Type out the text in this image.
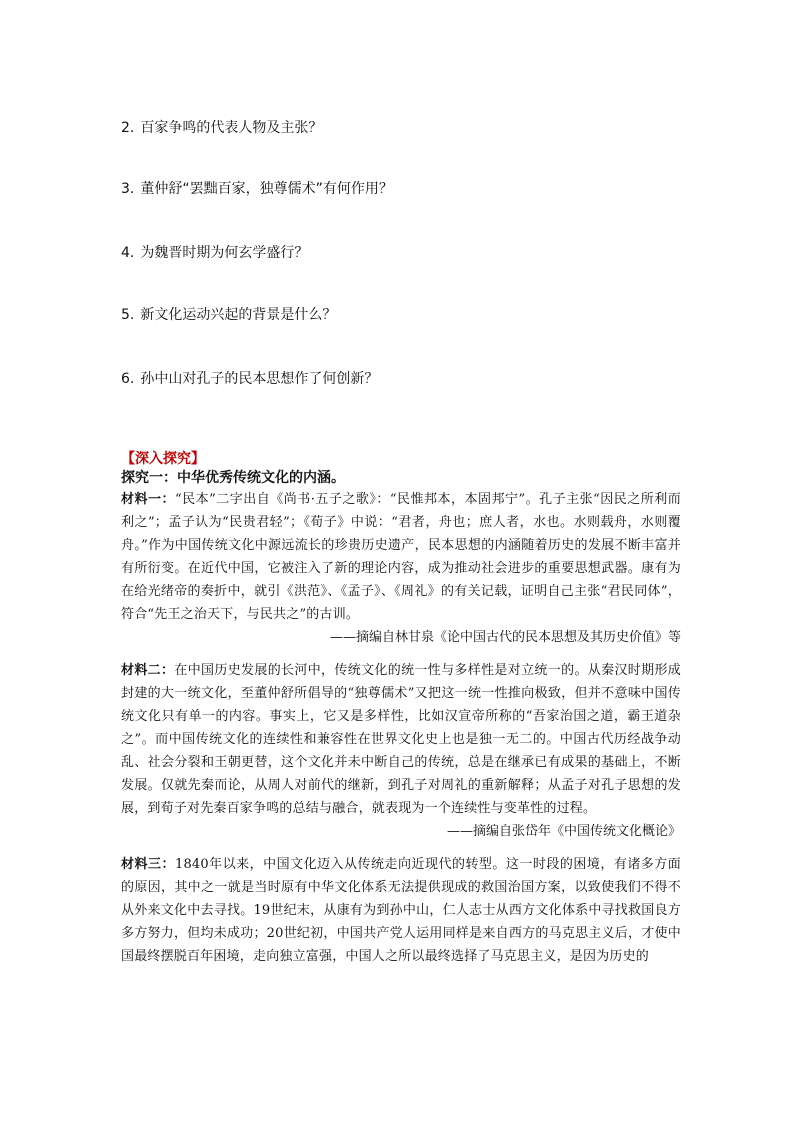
2. 百家争鸣的代表人物及主张？
3. 董仲舒“罢黜百家，独尊儒术”有何作用？
4. 为魏晋时期为何玄学盛行？
5. 新文化运动兴起的背景是什么？
6. 孙中山对孔子的民本思想作了何创新？
【深入探究】
探究一：中华优秀传统文化的内涵。
材料一：“民本”二字出自《尚书·五子之歌》：“民惟邦本，本固邦宁”。孔子主张“因民之所利而利之”；孟子认为“民贵君轻”；《荀子》中说：“君者，舟也；庶人者，水也。水则载舟，水则覆舟。”作为中国传统文化中源远流长的珍贵历史遗产，民本思想的内涵随着历史的发展不断丰富并有所衍变。在近代中国，它被注入了新的理论内容，成为推动社会进步的重要思想武器。康有为在给光绪帝的奏折中，就引《洪范》、《孟子》、《周礼》的有关记载，证明自己主张“君民同体”，符合“先王之治天下，与民共之”的古训。
——摘编自林甘泉《论中国古代的民本思想及其历史价值》等
材料二：在中国历史发展的长河中，传统文化的统一性与多样性是对立统一的。从秦汉时期形成封建的大一统文化，至董仲舒所倡导的“独尊儒术”又把这一统一性推向极致，但并不意味中国传统文化只有单一的内容。事实上，它又是多样性，比如汉宣帝所称的“吾家治国之道，霸王道杂之”。而中国传统文化的连续性和兼容性在世界文化史上也是独一无二的。中国古代历经战争动乱、社会分裂和王朝更替，这个文化并未中断自己的传统，总是在继承已有成果的基础上，不断发展。仅就先秦而论，从周人对前代的继新，到孔子对周礼的重新解释；从孟子对孔子思想的发展，到荀子对先秦百家争鸣的总结与融合，就表现为一个连续性与变革性的过程。
——摘编自张岱年《中国传统文化概论》
材料三：1840年以来，中国文化迈入从传统走向近现代的转型。这一时段的困境，有诸多方面的原因，其中之一就是当时原有中华文化体系无法提供现成的救国治国方案，以致使我们不得不从外来文化中去寻找。19世纪末，从康有为到孙中山，仁人志士从西方文化体系中寻找救国良方多方努力，但均未成功；20世纪初，中国共产党人运用同样是来自西方的马克思主义后，才使中国最终摆脱百年困境，走向独立富强，中国人之所以最终选择了马克思主义，是因为历史的
